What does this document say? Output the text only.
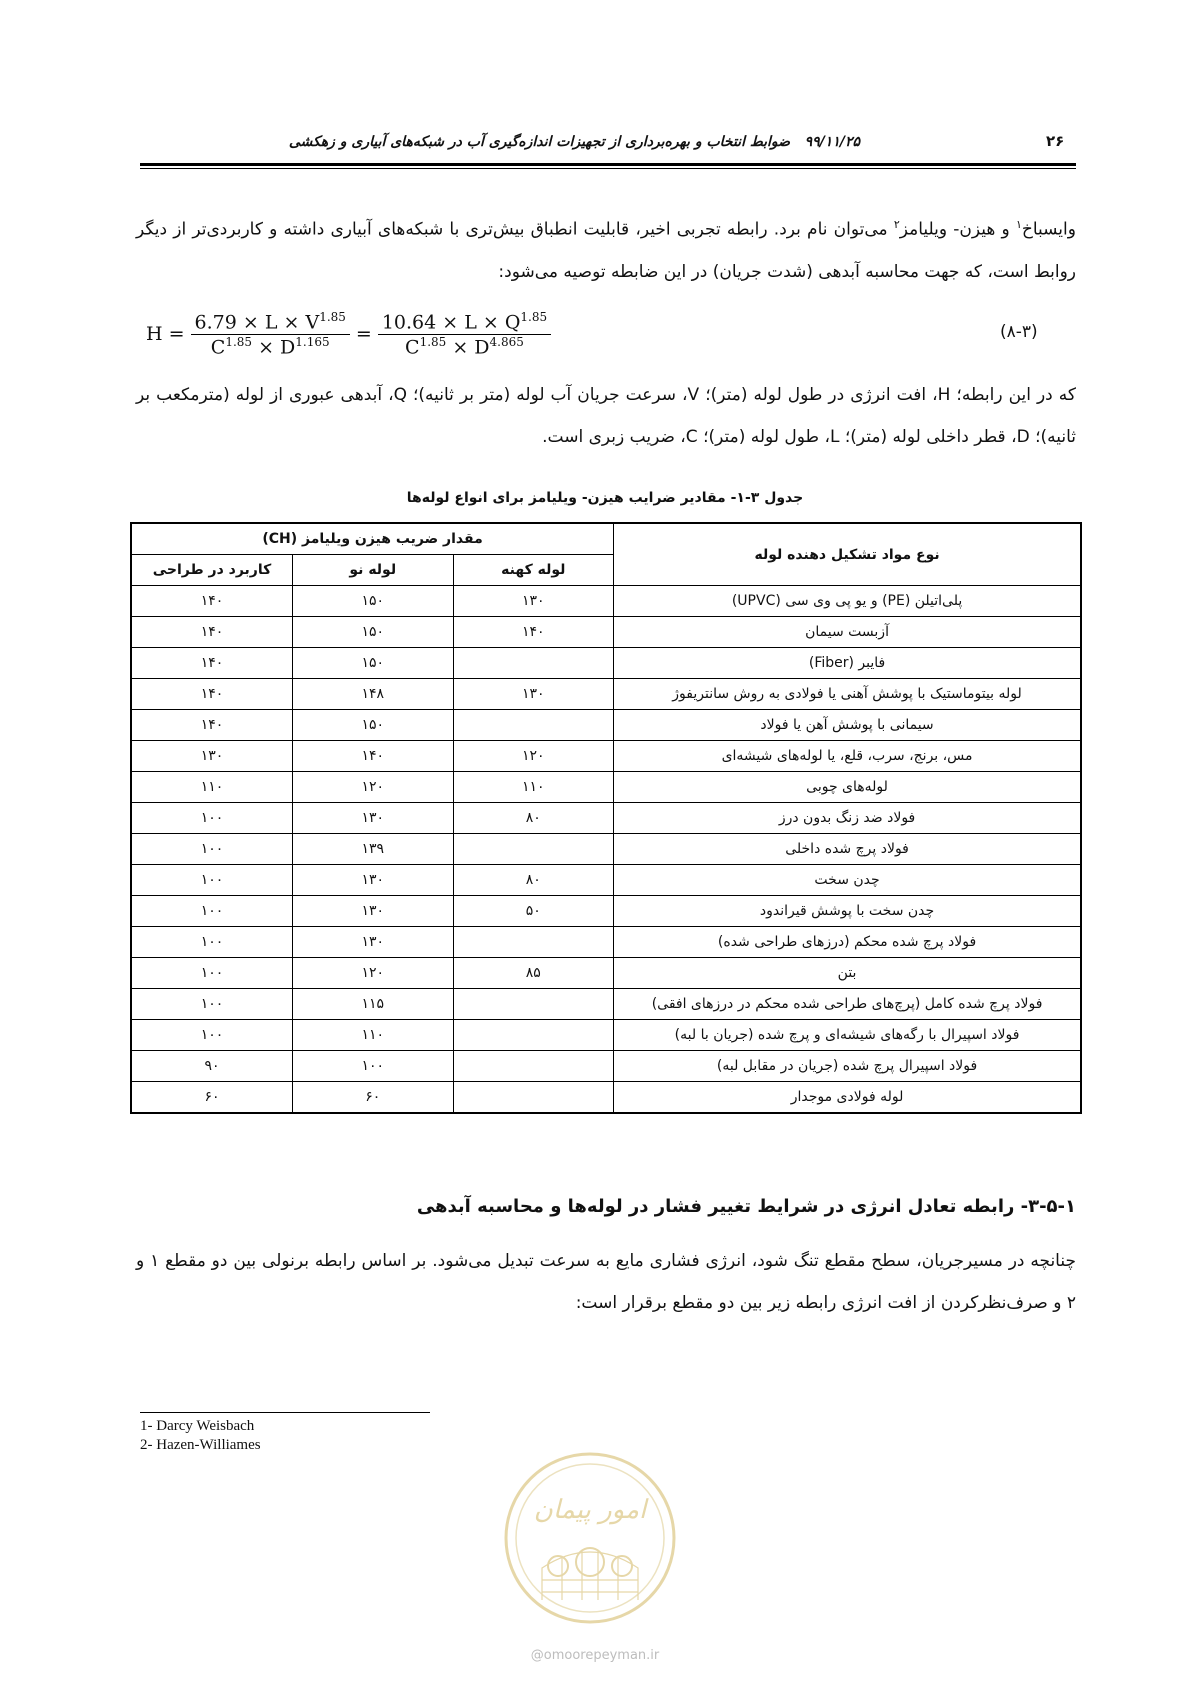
۲۶
۹۹/۱۱/۲۵   ضوابط انتخاب و بهره‌برداری از تجهیزات اندازه‌گیری آب در شبکه‌های آبیاری و زهکشی
وایسباخ$^۱$ و هیزن- ویلیامز$^۲$ می‌توان نام برد. رابطه تجربی اخیر، قابلیت انطباق بیش‌تری با شبکه‌های آبیاری داشته و کاربردی‌تر از دیگر روابط است، که جهت محاسبه آبدهی (شدت جریان) در این ضابطه توصیه می‌شود:
$H = \frac{6.79 \times L \times V^{1.85}}{C^{1.85} \times D^{1.165}} = \frac{10.64 \times L \times Q^{1.85}}{C^{1.85} \times D^{4.865}}$	(۸-۳)
که در این رابطه؛ H، افت انرژی در طول لوله (متر)؛ V، سرعت جریان آب لوله (متر بر ثانیه)؛ Q، آبدهی عبوری از لوله (مترمکعب بر ثانیه)؛ D، قطر داخلی لوله (متر)؛ L، طول لوله (متر)؛ C، ضریب زبری است.
جدول ۳-۱- مقادیر ضرایب هیزن- ویلیامز برای انواع لوله‌ها
نوع مواد تشکیل دهنده لوله	مقدار ضریب هیزن ویلیامز (CH)		
	لوله کهنه	لوله نو	کاربرد در طراحی
پلی‌اتیلن (PE) و یو پی وی سی (UPVC)	۱۳۰	۱۵۰	۱۴۰
آزبست سیمان	۱۴۰	۱۵۰	۱۴۰
فایبر (Fiber)		۱۵۰	۱۴۰
لوله بیتوماستیک با پوشش آهنی یا فولادی به روش سانتریفوژ	۱۳۰	۱۴۸	۱۴۰
سیمانی با پوشش آهن یا فولاد		۱۵۰	۱۴۰
مس، برنج، سرب، قلع، یا لوله‌های شیشه‌ای	۱۲۰	۱۴۰	۱۳۰
لوله‌های چوبی	۱۱۰	۱۲۰	۱۱۰
فولاد ضد زنگ بدون درز	۸۰	۱۳۰	۱۰۰
فولاد پرچ شده داخلی		۱۳۹	۱۰۰
چدن سخت	۸۰	۱۳۰	۱۰۰
چدن سخت با پوشش قیراندود	۵۰	۱۳۰	۱۰۰
فولاد پرچ شده محکم (درزهای طراحی شده)		۱۳۰	۱۰۰
بتن	۸۵	۱۲۰	۱۰۰
فولاد پرچ شده کامل (پرچ‌های طراحی شده محکم در درزهای افقی)		۱۱۵	۱۰۰
فولاد اسپیرال با رگه‌های شیشه‌ای و پرچ شده (جریان با لبه)		۱۱۰	۱۰۰
فولاد اسپیرال پرچ شده (جریان در مقابل لبه)		۱۰۰	۹۰
لوله فولادی موجدار		۶۰	۶۰
۳-۵-۱- رابطه تعادل انرژی در شرایط تغییر فشار در لوله‌ها و محاسبه آبدهی
چنانچه در مسیرجریان، سطح مقطع تنگ شود، انرژی فشاری مایع به سرعت تبدیل می‌شود. بر اساس رابطه برنولی بین دو مقطع ۱ و ۲ و صرف‌نظرکردن از افت انرژی رابطه زیر بین دو مقطع برقرار است:
1- Darcy Weisbach
2- Hazen-Williames
امور پیمان
@omoorepeyman.ir
